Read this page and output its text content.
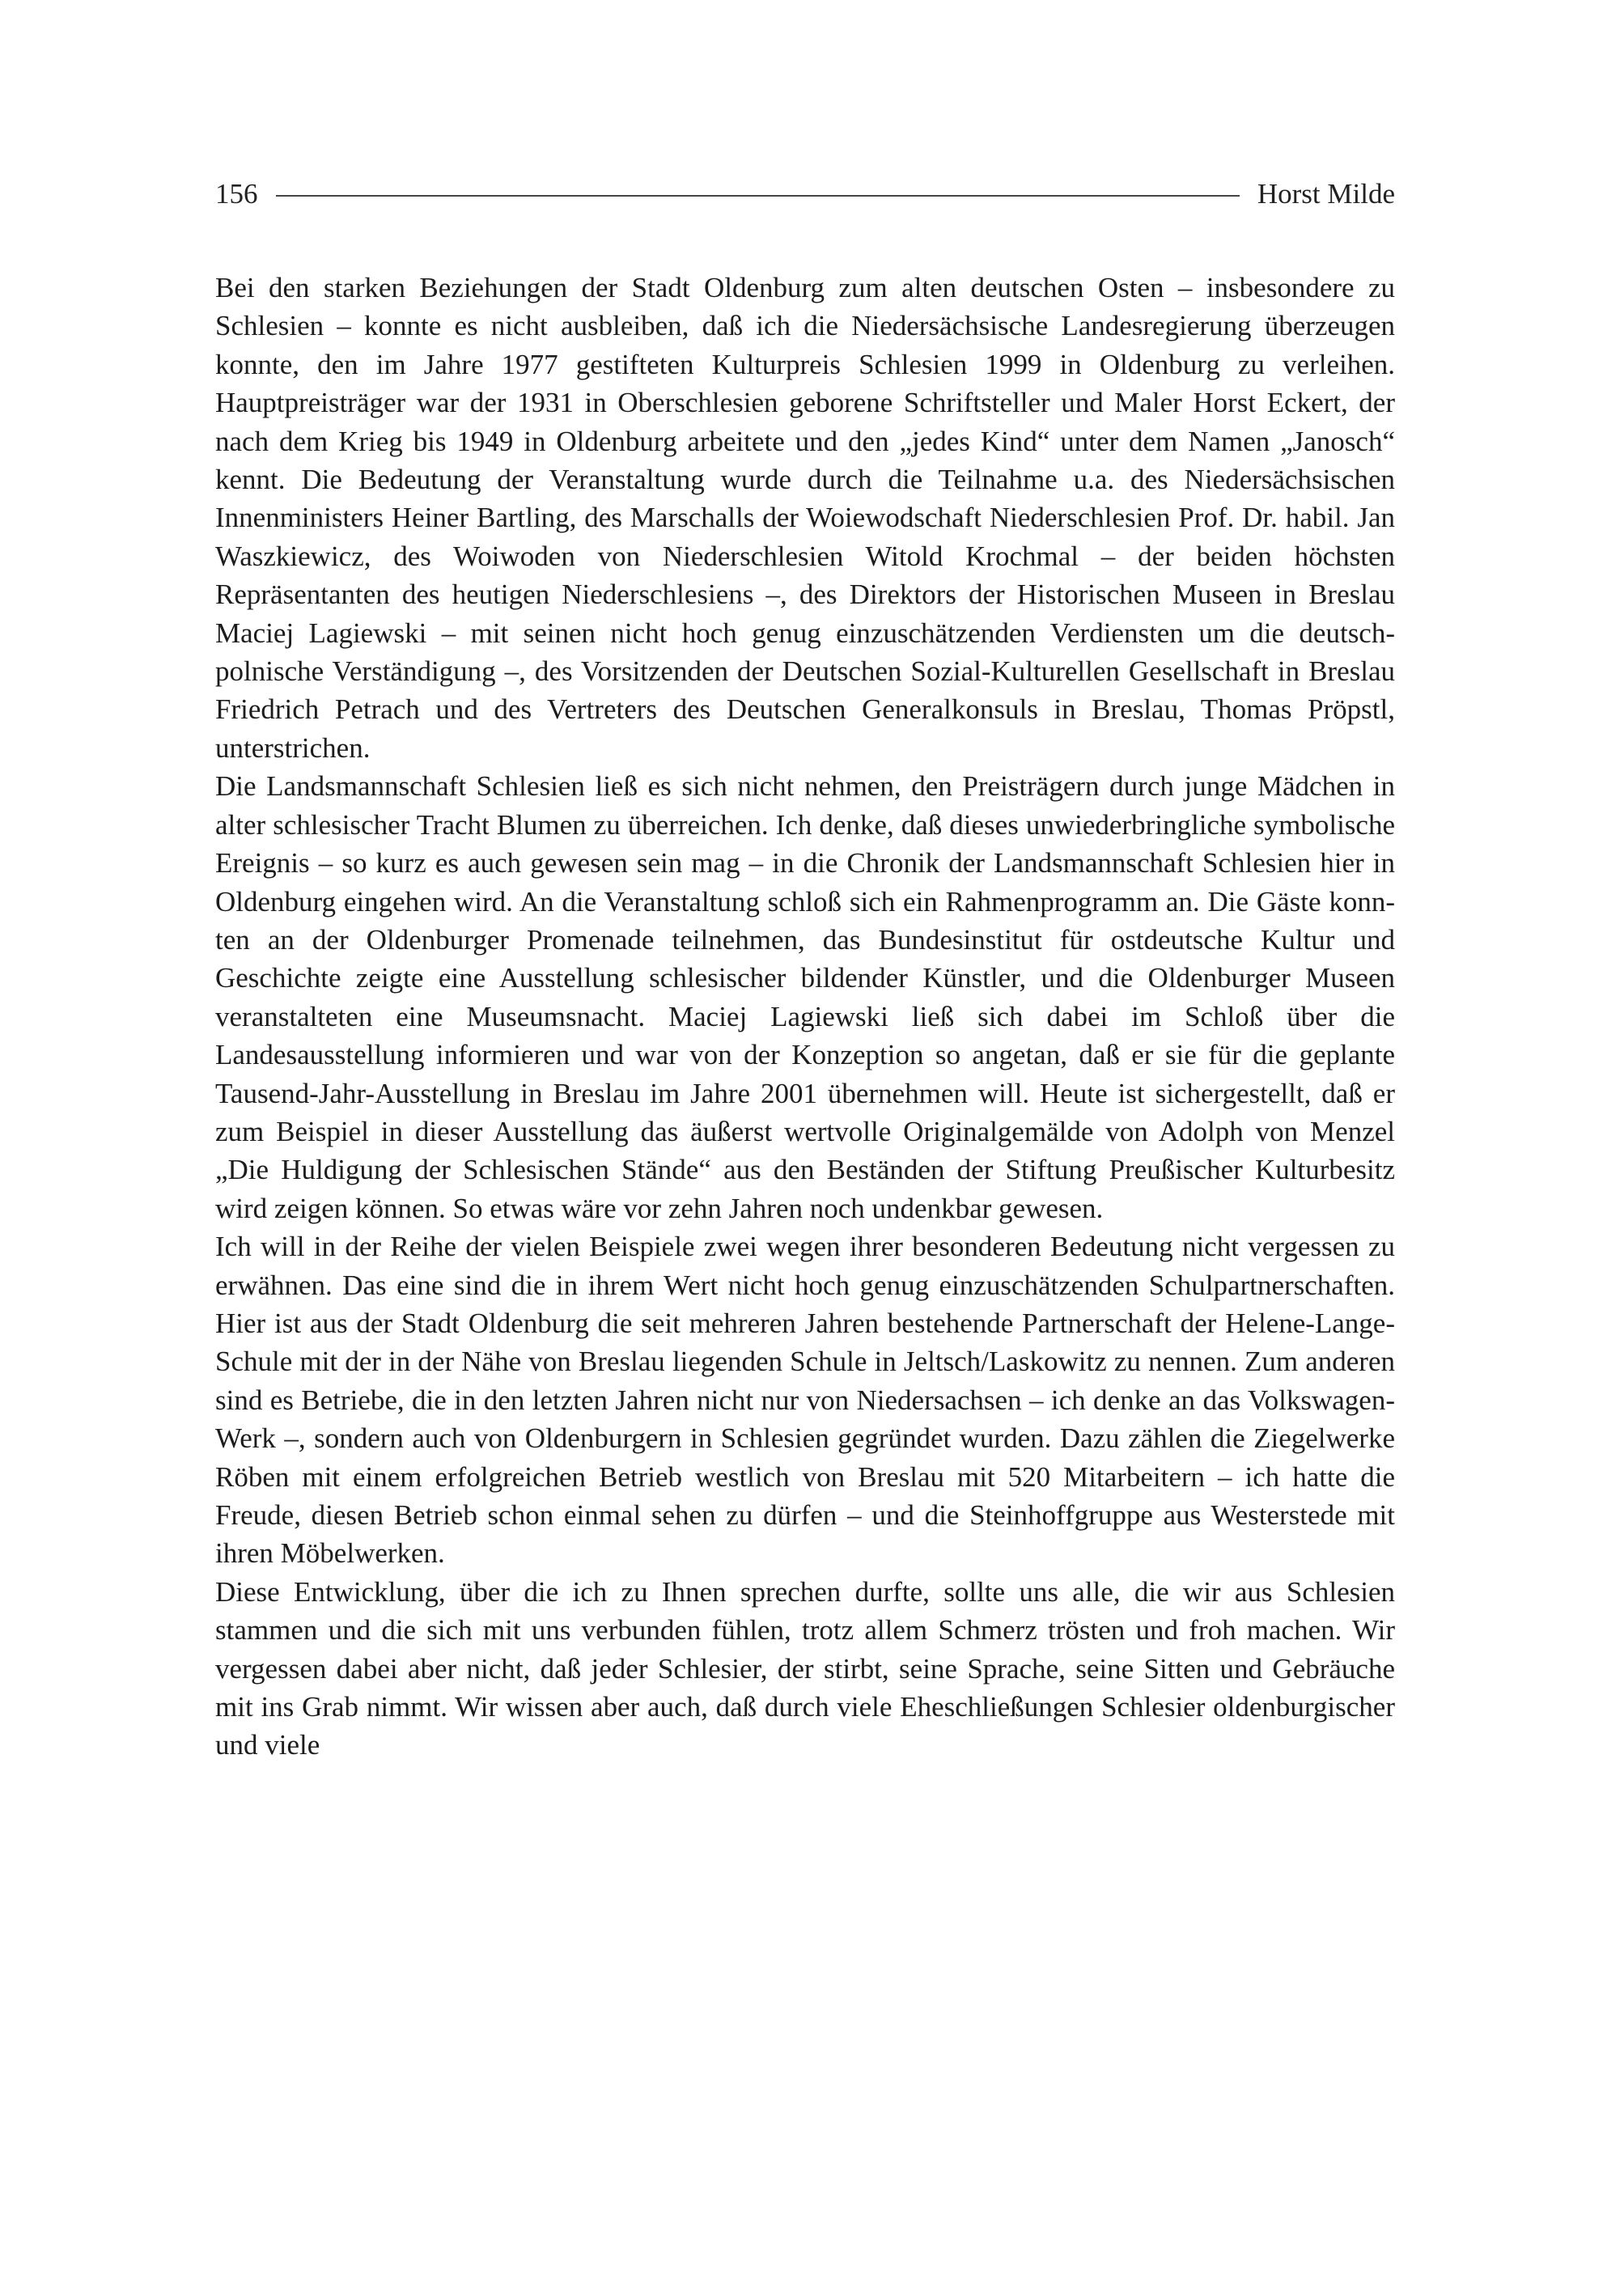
156	Horst Milde

Bei den starken Beziehungen der Stadt Oldenburg zum alten deutschen Osten – insbesondere zu Schlesien – konnte es nicht ausbleiben, daß ich die Niedersächsische Landesregierung überzeugen konnte, den im Jahre 1977 gestifteten Kulturpreis Schlesien 1999 in Oldenburg zu verleihen. Hauptpreisträger war der 1931 in Oberschlesien geborene Schriftsteller und Maler Horst Eckert, der nach dem Krieg bis 1949 in Oldenburg arbeitete und den „jedes Kind“ unter dem Namen „Janosch“ kennt. Die Bedeutung der Veranstaltung wurde durch die Teilnahme u.a. des Niedersächsischen Innenministers Heiner Bartling, des Marschalls der Woiewodschaft Niederschlesien Prof. Dr. habil. Jan Waszkiewicz, des Woiwoden von Niederschlesien Witold Krochmal – der beiden höchsten Repräsentanten des heutigen Niederschlesiens –, des Direktors der Historischen Museen in Breslau Maciej Lagiewski – mit seinen nicht hoch genug einzuschätzenden Verdiensten um die deutsch-polnische Verständigung –, des Vorsitzenden der Deutschen Sozial-Kulturellen Gesellschaft in Breslau Friedrich Petrach und des Vertreters des Deutschen Generalkonsuls in Breslau, Thomas Pröpstl, unterstrichen.

Die Landsmannschaft Schlesien ließ es sich nicht nehmen, den Preisträgern durch junge Mädchen in alter schlesischer Tracht Blumen zu überreichen. Ich denke, daß dieses unwiederbringliche symbolische Ereignis – so kurz es auch gewesen sein mag – in die Chronik der Landsmannschaft Schlesien hier in Oldenburg eingehen wird. An die Veranstaltung schloß sich ein Rahmenprogramm an. Die Gäste konnten an der Oldenburger Promenade teilnehmen, das Bundesinstitut für ostdeutsche Kultur und Geschichte zeigte eine Ausstellung schlesischer bildender Künstler, und die Oldenburger Museen veranstalteten eine Museumsnacht. Maciej Lagiewski ließ sich dabei im Schloß über die Landesausstellung informieren und war von der Konzeption so angetan, daß er sie für die geplante Tausend-Jahr-Ausstellung in Breslau im Jahre 2001 übernehmen will. Heute ist sichergestellt, daß er zum Beispiel in dieser Ausstellung das äußerst wertvolle Originalgemälde von Adolph von Menzel „Die Huldigung der Schlesischen Stände“ aus den Beständen der Stiftung Preußischer Kulturbesitz wird zeigen können. So etwas wäre vor zehn Jahren noch undenkbar gewesen.

Ich will in der Reihe der vielen Beispiele zwei wegen ihrer besonderen Bedeutung nicht vergessen zu erwähnen. Das eine sind die in ihrem Wert nicht hoch genug einzuschätzenden Schulpartnerschaften. Hier ist aus der Stadt Oldenburg die seit mehreren Jahren bestehende Partnerschaft der Helene-Lange-Schule mit der in der Nähe von Breslau liegenden Schule in Jeltsch/Laskowitz zu nennen. Zum anderen sind es Betriebe, die in den letzten Jahren nicht nur von Niedersachsen – ich denke an das Volkswagen-Werk –, sondern auch von Oldenburgern in Schlesien gegründet wurden. Dazu zählen die Ziegelwerke Röben mit einem erfolgreichen Betrieb westlich von Breslau mit 520 Mitarbeitern – ich hatte die Freude, diesen Betrieb schon einmal sehen zu dürfen – und die Steinhoffgruppe aus Westerstede mit ihren Möbelwerken.

Diese Entwicklung, über die ich zu Ihnen sprechen durfte, sollte uns alle, die wir aus Schlesien stammen und die sich mit uns verbunden fühlen, trotz allem Schmerz trösten und froh machen. Wir vergessen dabei aber nicht, daß jeder Schlesier, der stirbt, seine Sprache, seine Sitten und Gebräuche mit ins Grab nimmt. Wir wissen aber auch, daß durch viele Eheschließungen Schlesier oldenburgischer und viele
